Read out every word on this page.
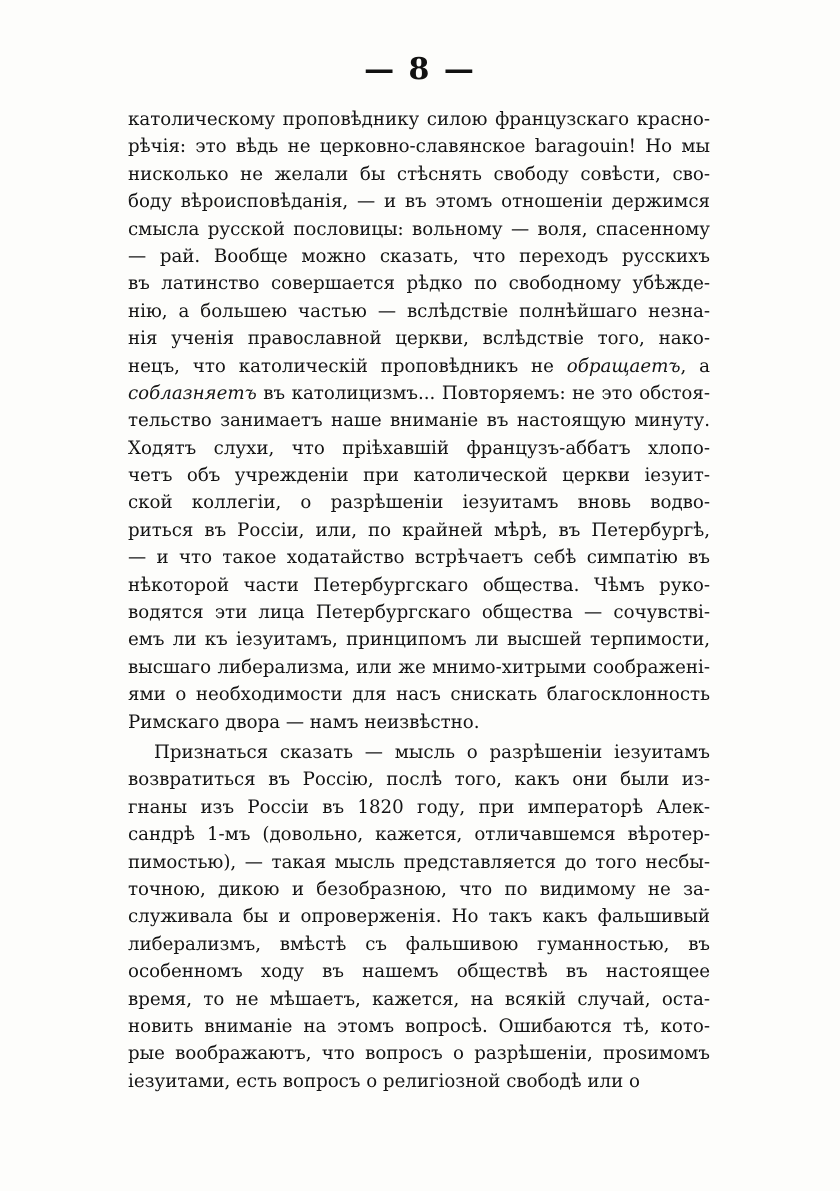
— 8 —
католическому проповѣднику силою французскаго красно-
рѣчія: это вѣдь не церковно-славянское baragouin! Но мы
нисколько не желали бы стѣснять свободу совѣсти, сво-
боду вѣроисповѣданія, — и въ этомъ отношеніи держимся
смысла русской пословицы: вольному — воля, спасенному
— рай. Вообще можно сказать, что переходъ русскихъ
въ латинство совершается рѣдко по свободному убѣжде-
нію, а большею частью — вслѣдствіе полнѣйшаго незна-
нія ученія православной церкви, вслѣдствіе того, нако-
нецъ, что католическій проповѣдникъ не обращаетъ, а
соблазняетъ въ католицизмъ... Повторяемъ: не это обстоя-
тельство занимаетъ наше вниманіе въ настоящую минуту.
Ходятъ слухи, что пріѣхавшій французъ-аббатъ хлопо-
четъ объ учрежденіи при католической церкви іезуит-
ской коллегіи, о разрѣшеніи іезуитамъ вновь водво-
риться въ Россіи, или, по крайней мѣрѣ, въ Петербургѣ,
— и что такое ходатайство встрѣчаетъ себѣ симпатію въ
нѣкоторой части Петербургскаго общества. Чѣмъ руко-
водятся эти лица Петербургскаго общества — сочувстві-
емъ ли къ іезуитамъ, принципомъ ли высшей терпимости,
высшаго либерализма, или же мнимо-хитрыми соображені-
ями о необходимости для насъ снискать благосклонность
Римскаго двора — намъ неизвѣстно.
Признаться сказать — мысль о разрѣшеніи іезуитамъ
возвратиться въ Россію, послѣ того, какъ они были из-
гнаны изъ Россіи въ 1820 году, при императорѣ Алек-
сандрѣ 1-мъ (довольно, кажется, отличавшемся вѣротер-
пимостью), — такая мысль представляется до того несбы-
точною, дикою и безобразною, что по видимому не за-
служивала бы и опроверженія. Но такъ какъ фальшивый
либерализмъ, вмѣстѣ съ фальшивою гуманностью, въ
особенномъ ходу въ нашемъ обществѣ въ настоящее
время, то не мѣшаетъ, кажется, на всякій случай, оста-
новить вниманіе на этомъ вопросѣ. Ошибаются тѣ, кото-
рые воображаютъ, что вопросъ о разрѣшеніи, проѕимомъ
іезуитами, есть вопросъ о религіозной свободѣ или о
